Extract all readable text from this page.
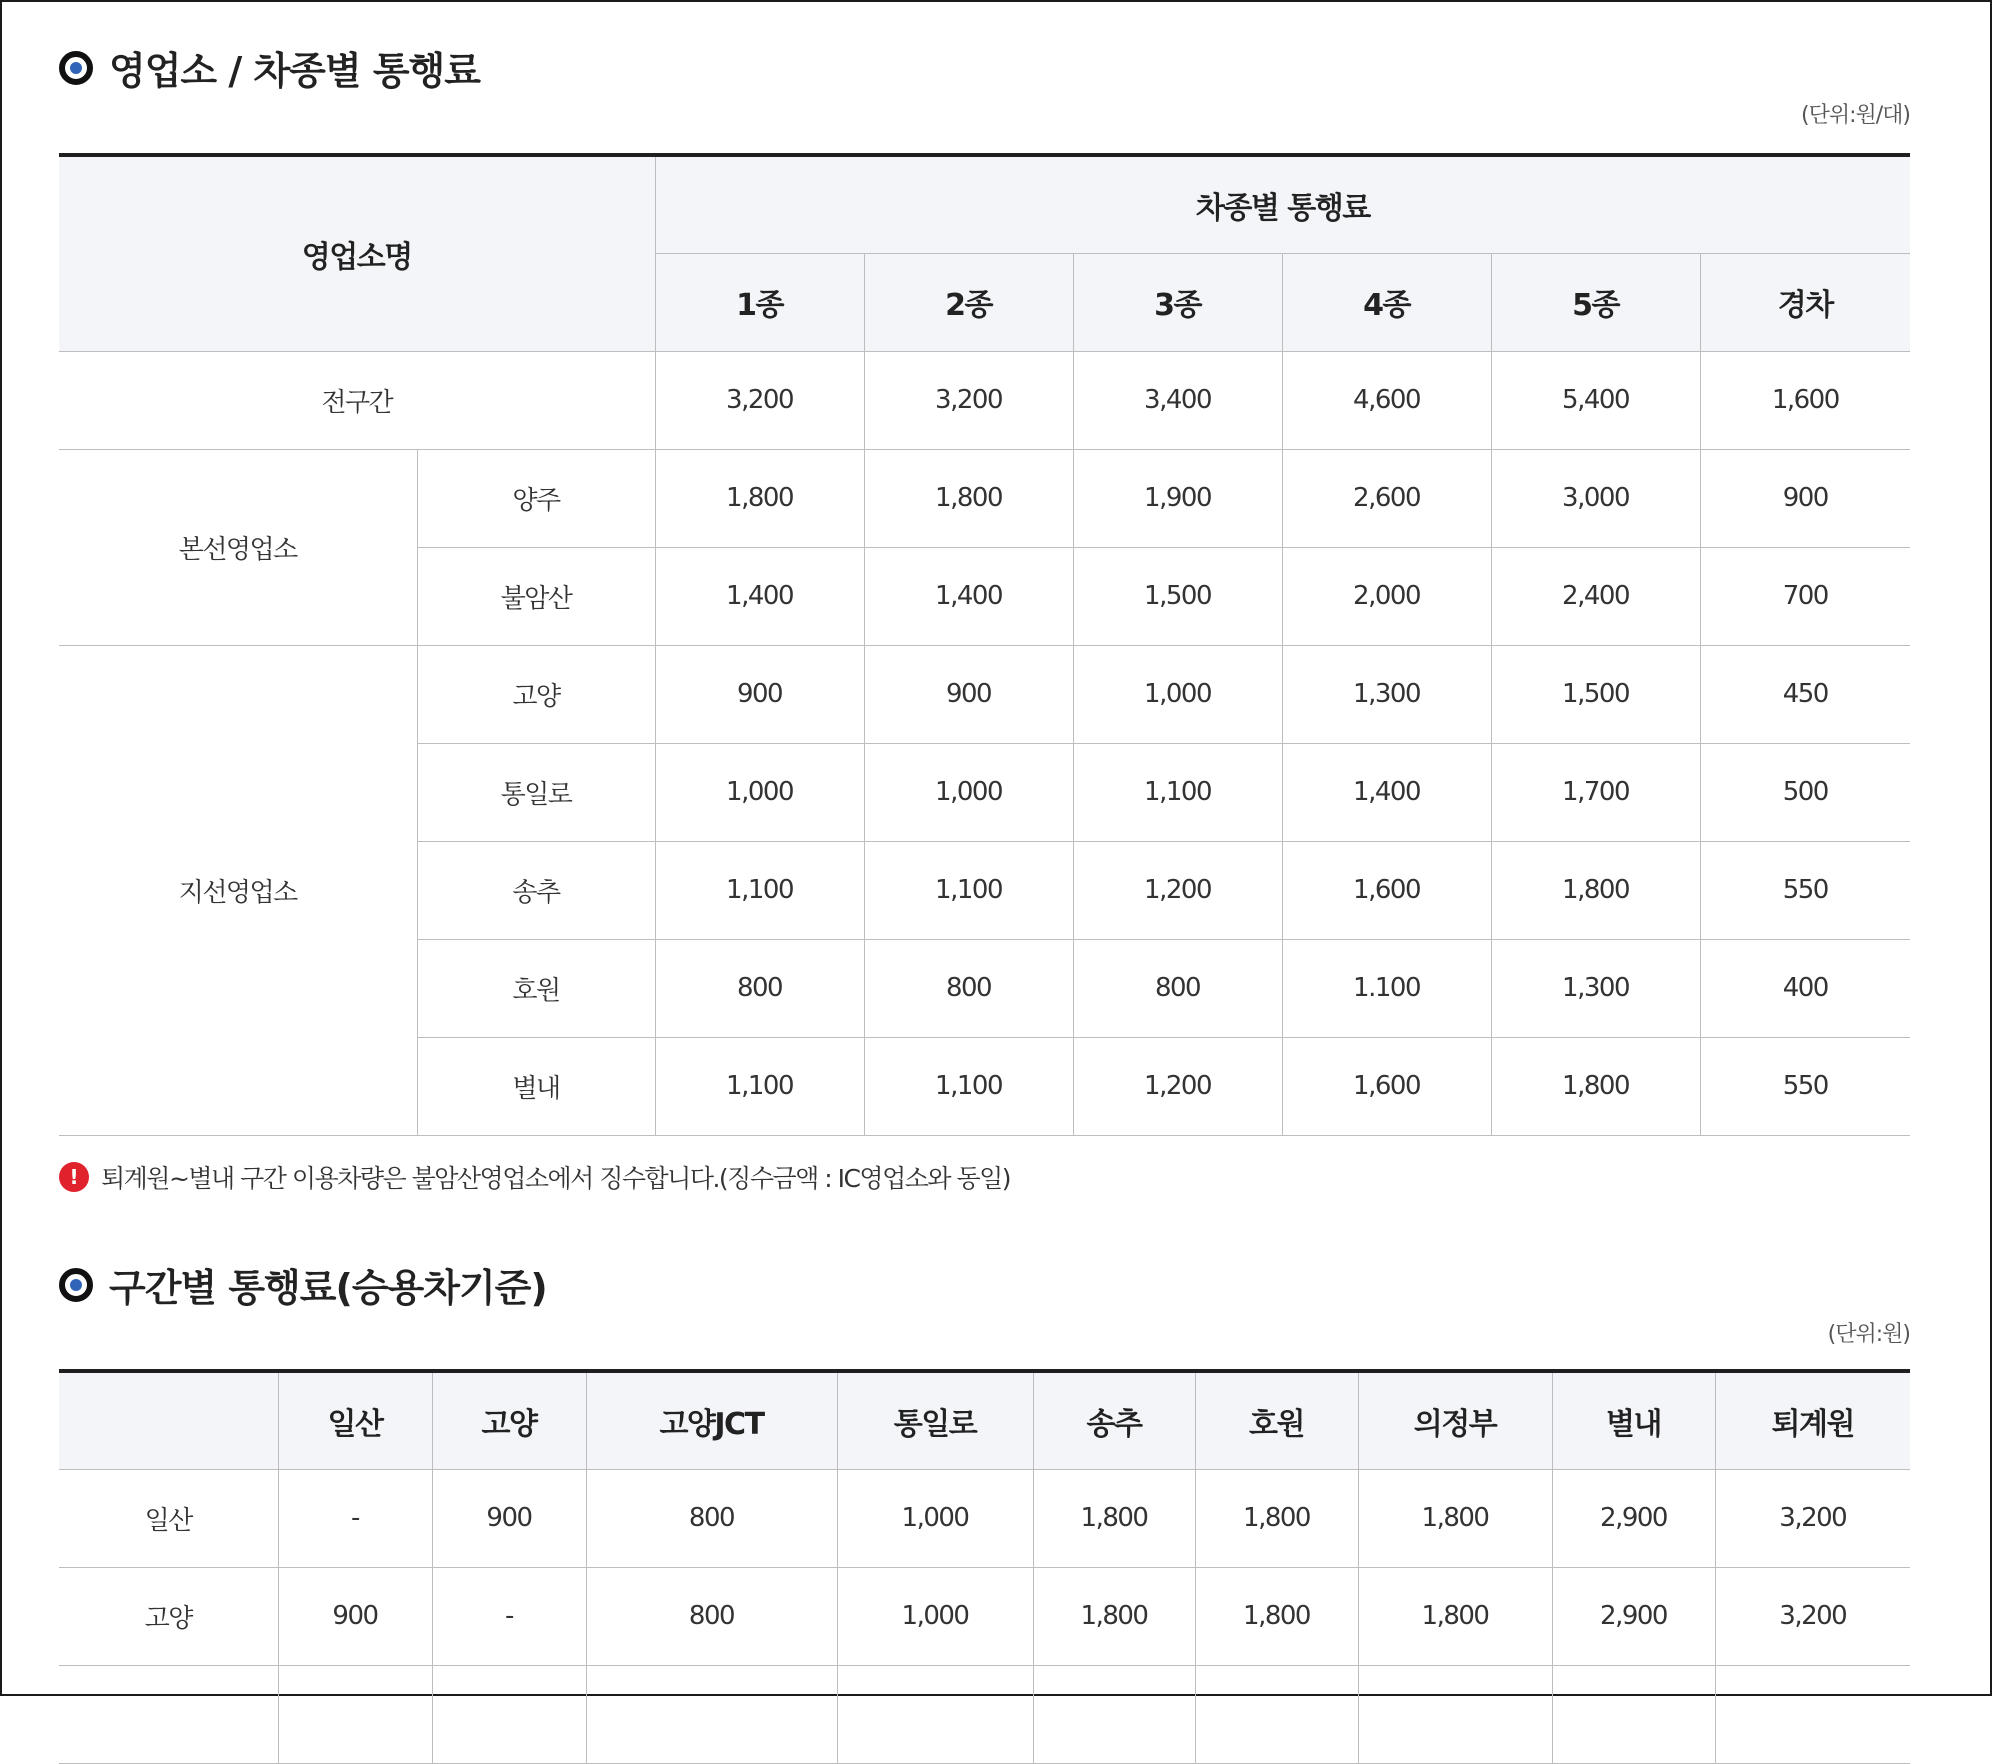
영업소 / 차종별 통행료
(단위:원/대)
영업소명		차종별 통행료					
		1종	2종	3종	4종	5종	경차
전구간		3,200	3,200	3,400	4,600	5,400	1,600
본선영업소	양주	1,800	1,800	1,900	2,600	3,000	900
	불암산	1,400	1,400	1,500	2,000	2,400	700
지선영업소	고양	900	900	1,000	1,300	1,500	450
	통일로	1,000	1,000	1,100	1,400	1,700	500
	송추	1,100	1,100	1,200	1,600	1,800	550
	호원	800	800	800	1.100	1,300	400
	별내	1,100	1,100	1,200	1,600	1,800	550
! 퇴계원~별내 구간 이용차량은 불암산영업소에서 징수합니다.(징수금액 : IC영업소와 동일)
구간별 통행료(승용차기준)
(단위:원)
	일산	고양	고양JCT	통일로	송추	호원	의정부	별내	퇴계원
일산	-	900	800	1,000	1,800	1,800	1,800	2,900	3,200
고양	900	-	800	1,000	1,800	1,800	1,800	2,900	3,200
